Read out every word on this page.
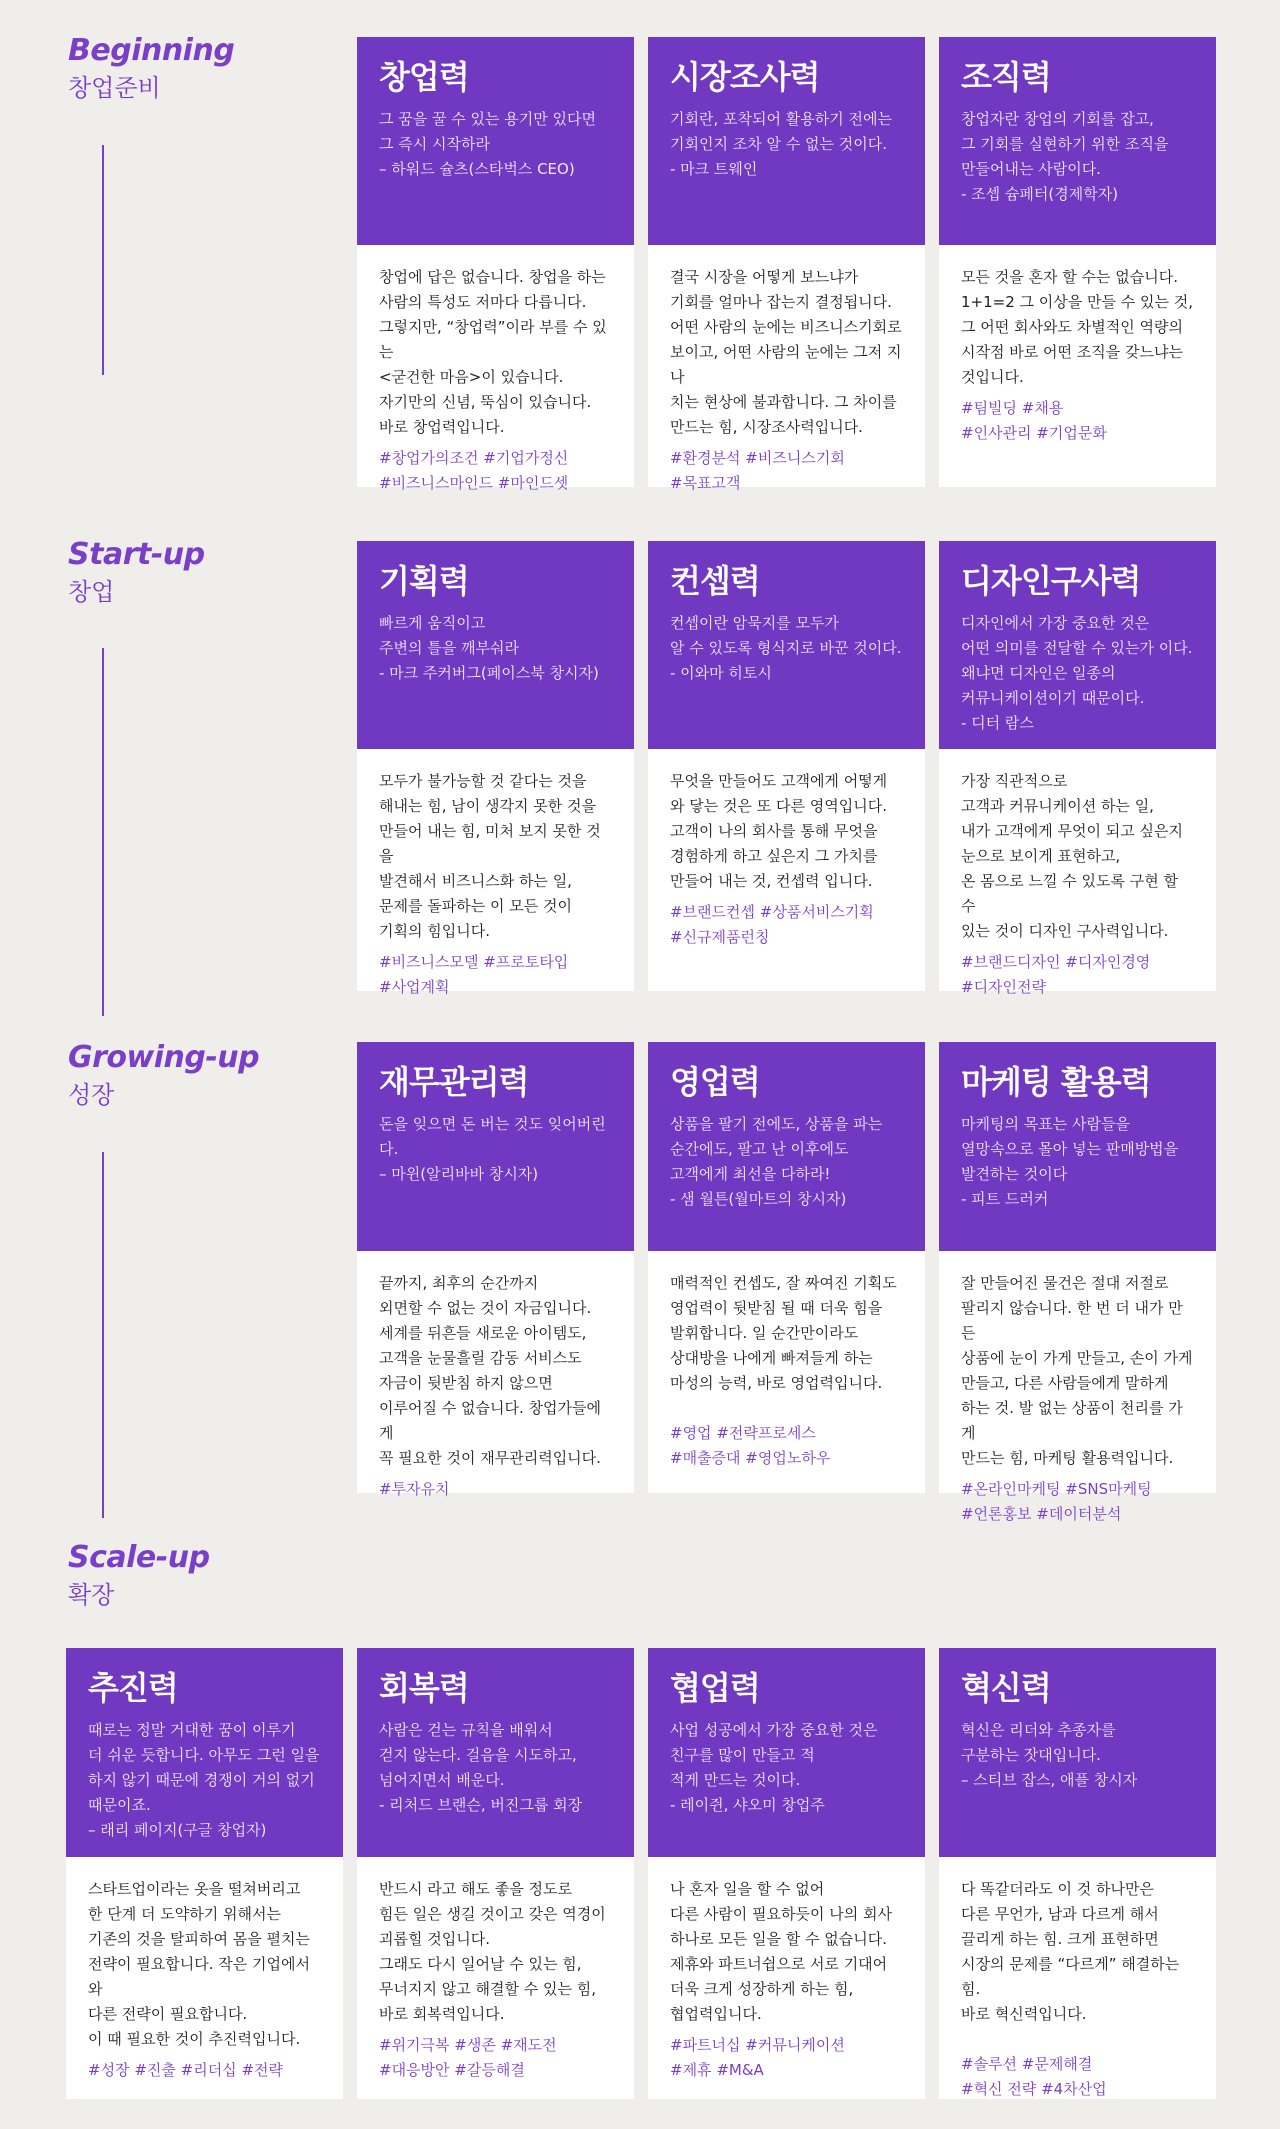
Beginning
창업준비	창업력
그 꿈을 꿀 수 있는 용기만 있다면
그 즉시 시작하라
– 하워드 슐츠(스타벅스 CEO)
창업에 답은 없습니다. 창업을 하는
사람의 특성도 저마다 다릅니다.
그렇지만, “창업력”이라 부를 수 있는
<굳건한 마음>이 있습니다.
자기만의 신념, 뚝심이 있습니다.
바로 창업력입니다.
#창업가의조건 #기업가정신
#비즈니스마인드 #마인드셋
시장조사력
기회란, 포착되어 활용하기 전에는
기회인지 조차 알 수 없는 것이다.
- 마크 트웨인
결국 시장을 어떻게 보느냐가
기회를 얼마나 잡는지 결정됩니다.
어떤 사람의 눈에는 비즈니스기회로
보이고, 어떤 사람의 눈에는 그저 지나
치는 현상에 불과합니다. 그 차이를
만드는 힘, 시장조사력입니다.
#환경분석 #비즈니스기회
#목표고객
조직력
창업자란 창업의 기회를 잡고,
그 기회를 실현하기 위한 조직을
만들어내는 사람이다.
- 조셉 슘페터(경제학자)
모든 것을 혼자 할 수는 없습니다.
1+1=2 그 이상을 만들 수 있는 것,
그 어떤 회사와도 차별적인 역량의
시작점 바로 어떤 조직을 갖느냐는
것입니다.
#팀빌딩 #채용
#인사관리 #기업문화
Start-up
창업	기획력
빠르게 움직이고
주변의 틀을 깨부숴라
- 마크 주커버그(페이스북 창시자)
모두가 불가능할 것 같다는 것을
해내는 힘, 남이 생각지 못한 것을
만들어 내는 힘, 미처 보지 못한 것을
발견해서 비즈니스화 하는 일,
문제를 돌파하는 이 모든 것이
기획의 힘입니다.
#비즈니스모델 #프로토타입
#사업계획
컨셉력
컨셉이란 암묵지를 모두가
알 수 있도록 형식지로 바꾼 것이다.
- 이와마 히토시
무엇을 만들어도 고객에게 어떻게
와 닿는 것은 또 다른 영역입니다.
고객이 나의 회사를 통해 무엇을
경험하게 하고 싶은지 그 가치를
만들어 내는 것, 컨셉력 입니다.
#브랜드컨셉 #상품서비스기획
#신규제품런칭
디자인구사력
디자인에서 가장 중요한 것은
어떤 의미를 전달할 수 있는가 이다.
왜냐면 디자인은 일종의
커뮤니케이션이기 때문이다.
- 디터 람스
가장 직관적으로
고객과 커뮤니케이션 하는 일,
내가 고객에게 무엇이 되고 싶은지
눈으로 보이게 표현하고,
온 몸으로 느낄 수 있도록 구현 할 수
있는 것이 디자인 구사력입니다.
#브랜드디자인 #디자인경영
#디자인전략
Growing-up
성장	재무관리력
돈을 잊으면 돈 버는 것도 잊어버린다.
– 마윈(알리바바 창시자)
끝까지, 최후의 순간까지
외면할 수 없는 것이 자금입니다.
세계를 뒤흔들 새로운 아이템도,
고객을 눈물흘릴 감동 서비스도
자금이 뒷받침 하지 않으면
이루어질 수 없습니다. 창업가들에게
꼭 필요한 것이 재무관리력입니다.
#투자유치
영업력
상품을 팔기 전에도, 상품을 파는
순간에도, 팔고 난 이후에도
고객에게 최선을 다하라!
- 샘 월튼(월마트의 창시자)
매력적인 컨셉도, 잘 짜여진 기획도
영업력이 뒷받침 될 때 더욱 힘을
발휘합니다. 일 순간만이라도
상대방을 나에게 빠져들게 하는
마성의 능력, 바로 영업력입니다.
#영업 #전략프로세스
#매출증대 #영업노하우
마케팅 활용력
마케팅의 목표는 사람들을
열망속으로 몰아 넣는 판매방법을
발견하는 것이다
- 피트 드러커
잘 만들어진 물건은 절대 저절로
팔리지 않습니다. 한 번 더 내가 만든
상품에 눈이 가게 만들고, 손이 가게
만들고, 다른 사람들에게 말하게
하는 것. 발 없는 상품이 천리를 가게
만드는 힘, 마케팅 활용력입니다.
#온라인마케팅 #SNS마케팅
#언론홍보 #데이터분석
Scale-up
확장
추진력
때로는 정말 거대한 꿈이 이루기
더 쉬운 듯합니다. 아무도 그런 일을
하지 않기 때문에 경쟁이 거의 없기
때문이죠.
– 래리 페이지(구글 창업자)
스타트업이라는 옷을 떨쳐버리고
한 단계 더 도약하기 위해서는
기존의 것을 탈피하여 몸을 펼치는
전략이 필요합니다. 작은 기업에서와
다른 전략이 필요합니다.
이 때 필요한 것이 추진력입니다.
#성장 #진출 #리더십 #전략
회복력
사람은 걷는 규칙을 배워서
걷지 않는다. 걸음을 시도하고,
넘어지면서 배운다.
- 리처드 브랜슨, 버진그룹 회장
반드시 라고 해도 좋을 정도로
힘든 일은 생길 것이고 갖은 역경이
괴롭힐 것입니다.
그래도 다시 일어날 수 있는 힘,
무너지지 않고 해결할 수 있는 힘,
바로 회복력입니다.
#위기극복 #생존 #재도전
#대응방안 #갈등해결
협업력
사업 성공에서 가장 중요한 것은
친구를 많이 만들고 적
적게 만드는 것이다.
- 레이쥔, 샤오미 창업주
나 혼자 일을 할 수 없어
다른 사람이 필요하듯이 나의 회사
하나로 모든 일을 할 수 없습니다.
제휴와 파트너쉽으로 서로 기대어
더욱 크게 성장하게 하는 힘,
협업력입니다.
#파트너십 #커뮤니케이션
#제휴 #M&A
혁신력
혁신은 리더와 추종자를
구분하는 잣대입니다.
– 스티브 잡스, 애플 창시자
다 똑같더라도 이 것 하나만은
다른 무언가, 남과 다르게 해서
끌리게 하는 힘. 크게 표현하면
시장의 문제를 “다르게” 해결하는 힘.
바로 혁신력입니다.
#솔루션 #문제해결
#혁신 전략 #4차산업
